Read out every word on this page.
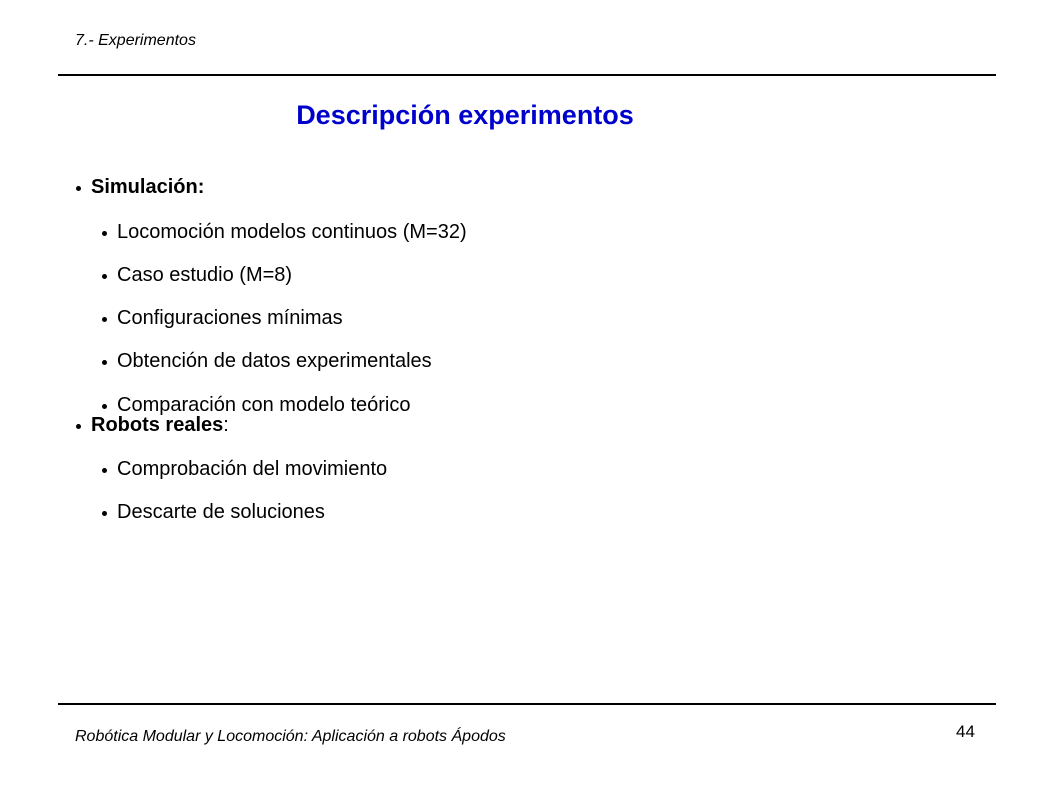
7.- Experimentos
Descripción experimentos
Simulación:
Locomoción modelos continuos (M=32)
Caso estudio (M=8)
Configuraciones mínimas
Obtención de datos experimentales
Comparación con modelo teórico
Robots reales :
Comprobación del movimiento
Descarte de soluciones
Robótica Modular y Locomoción: Aplicación a robots Ápodos	44
